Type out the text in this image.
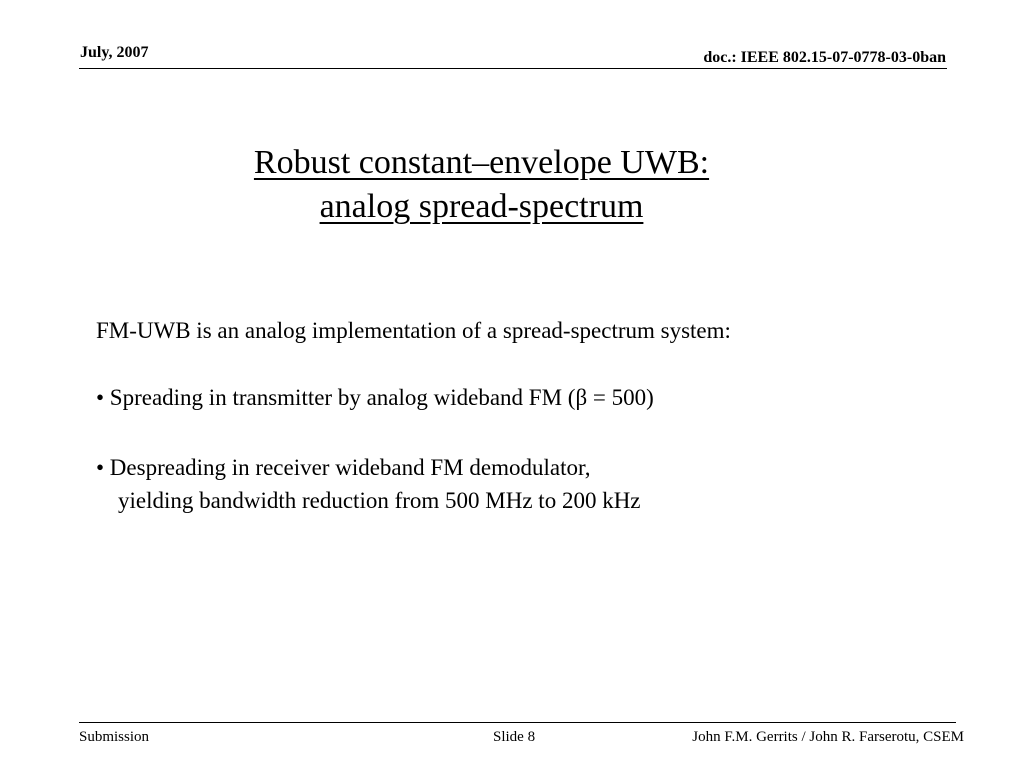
July, 2007	doc.: IEEE 802.15-07-0778-03-0ban
Robust constant–envelope UWB:
analog spread-spectrum
FM-UWB is an analog implementation of a spread-spectrum system:
• Spreading in transmitter by analog wideband FM (β = 500)
• Despreading in receiver wideband FM demodulator,
yielding bandwidth reduction from 500 MHz to 200 kHz
Submission	Slide 8	John F.M. Gerrits / John R. Farserotu, CSEM
